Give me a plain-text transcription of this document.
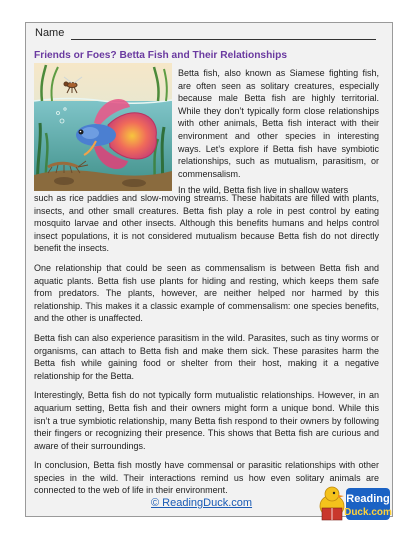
Name
Friends or Foes? Betta Fish and Their Relationships

Betta fish, also known as Siamese fighting fish, are often seen as solitary creatures, especially because male Betta fish are highly territorial. While they don’t typically form close relationships with other animals, Betta fish interact with their environment and other species in interesting ways. Let’s explore if Betta fish have symbiotic relationships, such as mutualism, parasitism, or commensalism.

In the wild, Betta fish live in shallow waters

such as rice paddies and slow-moving streams. These habitats are filled with plants, insects, and other small creatures. Betta fish play a role in pest control by eating mosquito larvae and other insects. Although this benefits humans and helps control insect populations, it is not considered mutualism because Betta fish do not directly benefit the insects.

One relationship that could be seen as commensalism is between Betta fish and aquatic plants. Betta fish use plants for hiding and resting, which keeps them safe from predators. The plants, however, are neither helped nor harmed by this relationship. This makes it a classic example of commensalism: one species benefits, and the other is unaffected.

Betta fish can also experience parasitism in the wild. Parasites, such as tiny worms or organisms, can attach to Betta fish and make them sick. These parasites harm the Betta fish while gaining food or shelter from their host, making it a negative relationship for the Betta.

Interestingly, Betta fish do not typically form mutualistic relationships. However, in an aquarium setting, Betta fish and their owners might form a unique bond. While this isn’t a true symbiotic relationship, many Betta fish respond to their owners by following their fingers or recognizing their presence. This shows that Betta fish are curious and aware of their surroundings.

In conclusion, Betta fish mostly have commensal or parasitic relationships with other species in the wild. Their interactions remind us how even solitary animals are connected to the web of life in their environment.

© ReadingDuck.com	Reading
Duck.com
